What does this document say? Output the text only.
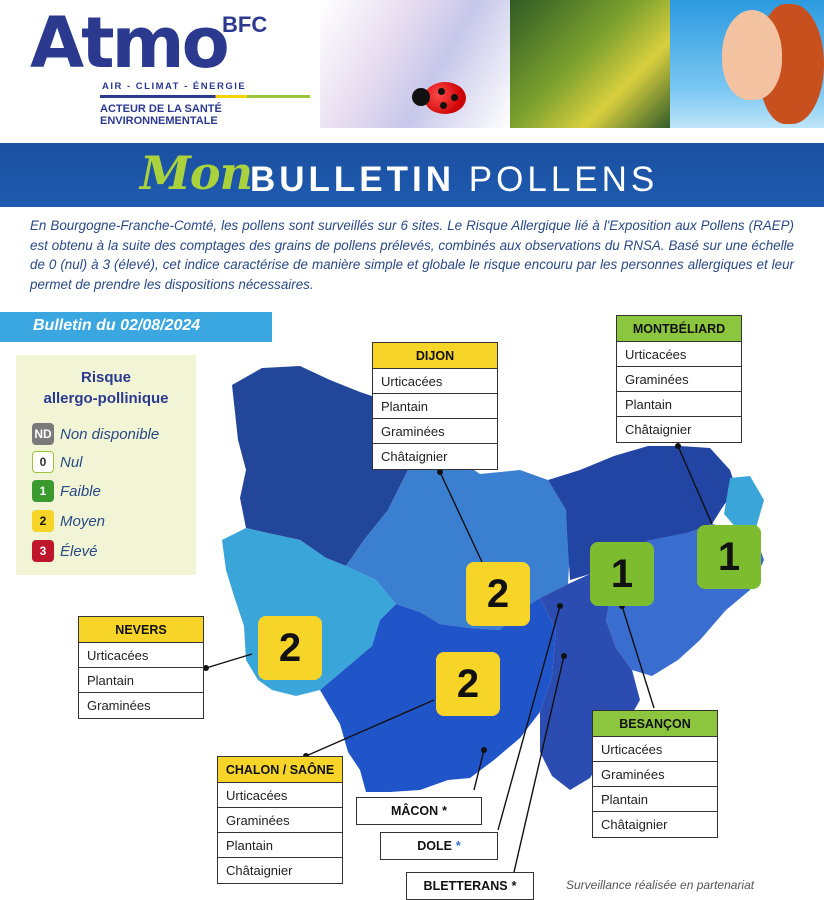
Atmo
BFC
AIR - CLIMAT - ÉNERGIE
ACTEUR DE LA SANTÉ ENVIRONNEMENTALE
Mon
BULLETIN POLLENS

En Bourgogne-Franche-Comté, les pollens sont surveillés sur 6 sites. Le Risque Allergique lié à l'Exposition aux Pollens (RAEP) est obtenu à la suite des comptages des grains de pollens prélevés, combinés aux observations du RNSA. Basé sur une échelle de 0 (nul) à 3 (élevé), cet indice caractérise de manière simple et globale le risque encouru par les personnes allergiques et leur permet de prendre les dispositions nécessaires.

Bulletin du 02/08/2024
Risque
allergo-pollinique
ND Non disponible
0 Nul
1 Faible
2 Moyen
3 Élevé
DIJON
Urticacées
Plantain
Graminées
Châtaignier
MONTBÉLIARD
Urticacées
Graminées
Plantain
Châtaignier
NEVERS
Urticacées
Plantain
Graminées
CHALON / SAÔNE
Urticacées
Graminées
Plantain
Châtaignier
BESANÇON
Urticacées
Graminées
Plantain
Châtaignier
2	1	1
2
2
MÂCON *
DOLE *
BLETTERANS *	Surveillance réalisée en partenariat
